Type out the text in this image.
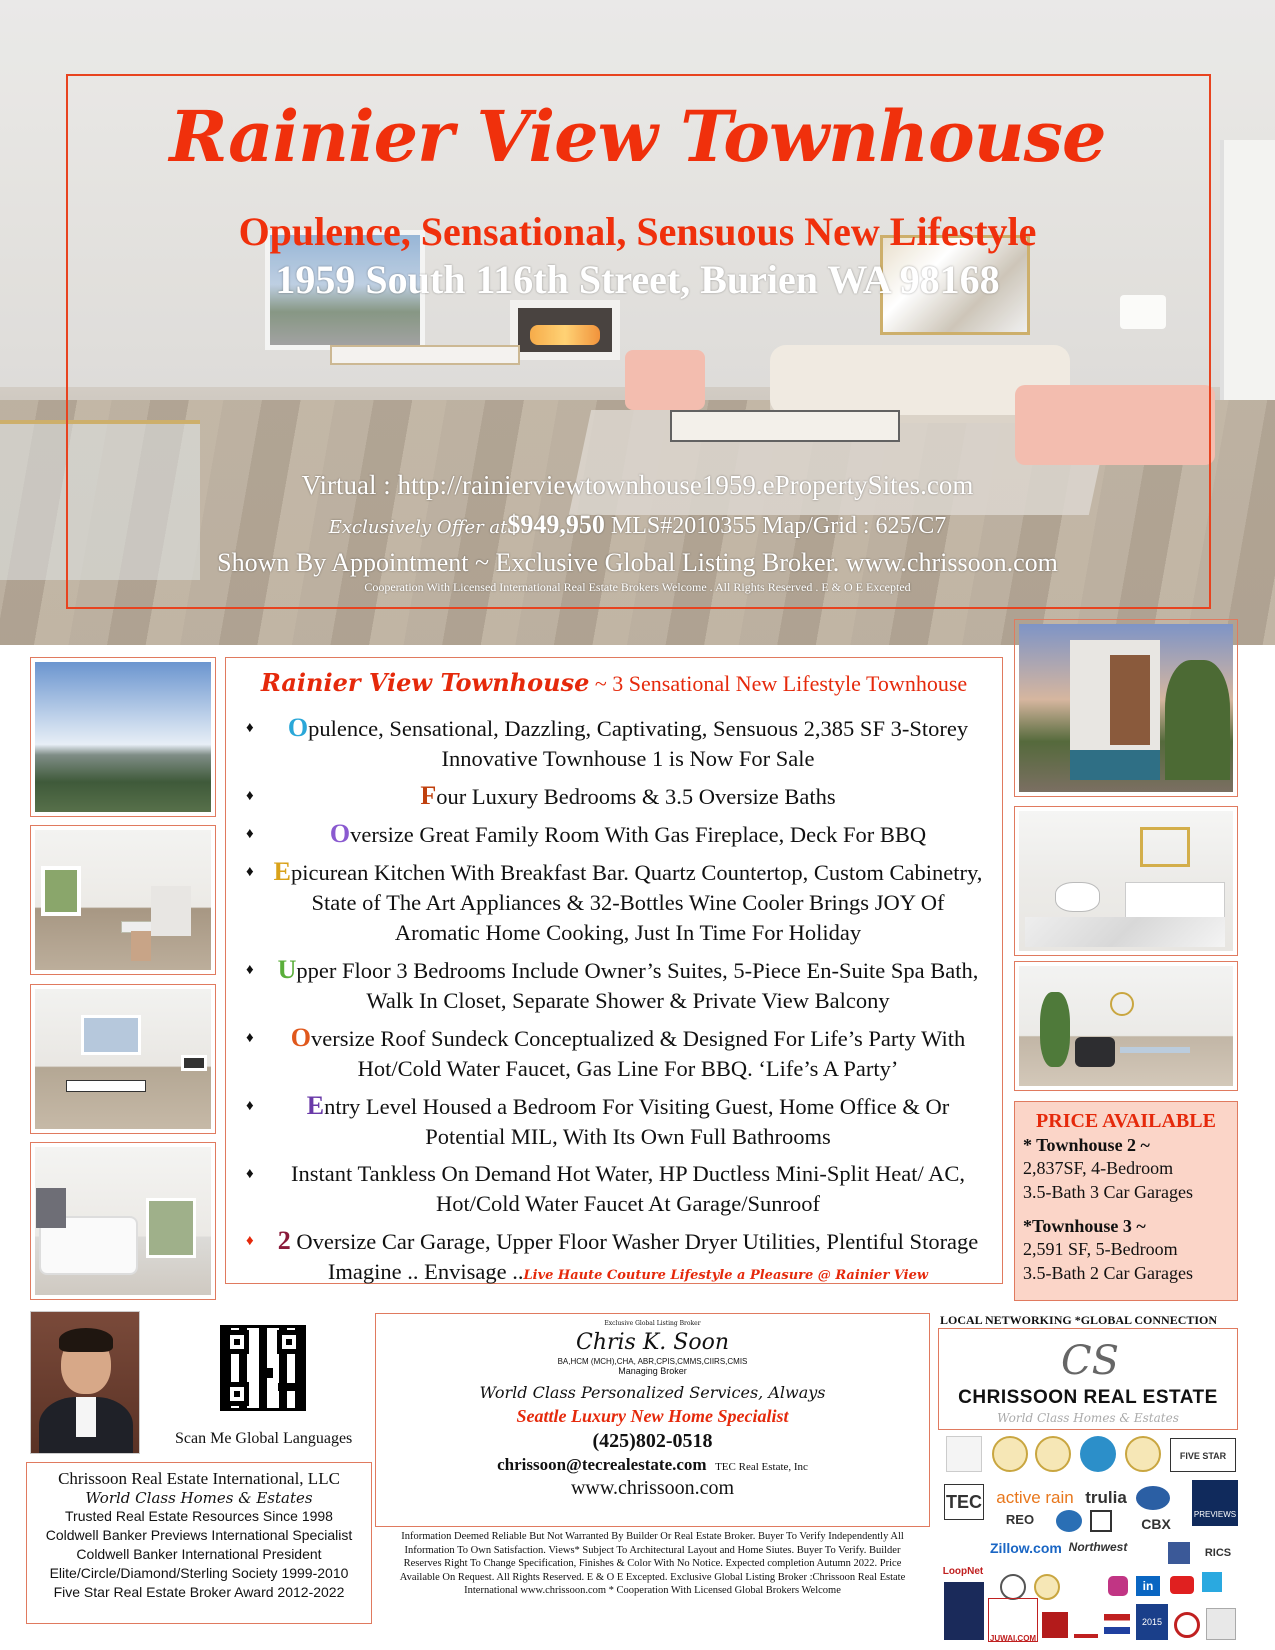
Rainier View Townhouse
Opulence, Sensational, Sensuous New Lifestyle
1959 South 116th Street, Burien WA 98168
Virtual : http://rainierviewtownhouse1959.ePropertySites.com
Exclusively Offer at$949,950 MLS#2010355 Map/Grid : 625/C7
Shown By Appointment ~ Exclusive Global Listing Broker. www.chrissoon.com
Cooperation With Licensed International Real Estate Brokers Welcome . All Rights Reserved . E & O E Excepted
Rainier View Townhouse ~ 3 Sensational New Lifestyle Townhouse
♦ Opulence, Sensational, Dazzling, Captivating, Sensuous 2,385 SF 3-Storey Innovative Townhouse 1 is Now For Sale
♦	Four Luxury Bedrooms & 3.5 Oversize Baths
♦	Oversize Great Family Room With Gas Fireplace, Deck For BBQ
♦ Epicurean Kitchen With Breakfast Bar. Quartz Countertop, Custom Cabinetry, State of The Art Appliances & 32-Bottles Wine Cooler Brings JOY Of Aromatic Home Cooking, Just In Time For Holiday
♦ Upper Floor 3 Bedrooms Include Owner’s Suites, 5-Piece En-Suite Spa Bath, Walk In Closet, Separate Shower & Private View Balcony
♦ Oversize Roof Sundeck Conceptualized & Designed For Life’s Party With Hot/Cold Water Faucet, Gas Line For BBQ. ‘Life’s A Party’
♦ Entry Level Housed a Bedroom For Visiting Guest, Home Office & Or Potential MIL, With Its Own Full Bathrooms
♦ Instant Tankless On Demand Hot Water, HP Ductless Mini-Split Heat/ AC, Hot/Cold Water Faucet At Garage/Sunroof
♦ 2 Oversize Car Garage, Upper Floor Washer Dryer Utilities, Plentiful Storage Imagine .. Envisage ..Live Haute Couture Lifestyle a Pleasure @ Rainier View
PRICE AVAILABLE
* Townhouse 2 ~
2,837SF, 4-Bedroom
3.5-Bath 3 Car Garages
*Townhouse 3 ~
2,591 SF, 5-Bedroom
3.5-Bath 2 Car Garages
Scan Me Global Languages
Chrissoon Real Estate International, LLC
World Class Homes & Estates
Trusted Real Estate Resources Since 1998
Coldwell Banker Previews International Specialist
Coldwell Banker International President
Elite/Circle/Diamond/Sterling Society 1999-2010
Five Star Real Estate Broker Award 2012-2022
Exclusive Global Listing Broker
Chris K. Soon
BA,HCM (MCH),CHA, ABR,CPIS,CMMS,CIIRS,CMIS
Managing Broker
World Class Personalized Services, Always
Seattle Luxury New Home Specialist
(425)802-0518
chrissoon@tecrealestate.com TEC Real Estate, Inc
www.chrissoon.com
Information Deemed Reliable But Not Warranted By Builder Or Real Estate Broker. Buyer To Verify Independently All Information To Own Satisfaction. Views* Subject To Architectural Layout and Home Siutes. Buyer To Verify. Builder Reserves Right To Change Specification, Finishes & Color With No Notice. Expected completion Autumn 2022. Price Available On Request. All Rights Reserved. E & O E Excepted. Exclusive Global Listing Broker :Chrissoon Real Estate International www.chrissoon.com * Cooperation With Licensed Global Brokers Welcome
LOCAL NETWORKING *GLOBAL CONNECTION
CS
CHRISSOON REAL ESTATE
World Class Homes & Estates
FIVE STAR
TEC active rain trulia
PREVIEWS
REO	CBX
LoopNet
Zillow.com Northwest	RICS
in
JUWAI.COM
2015
